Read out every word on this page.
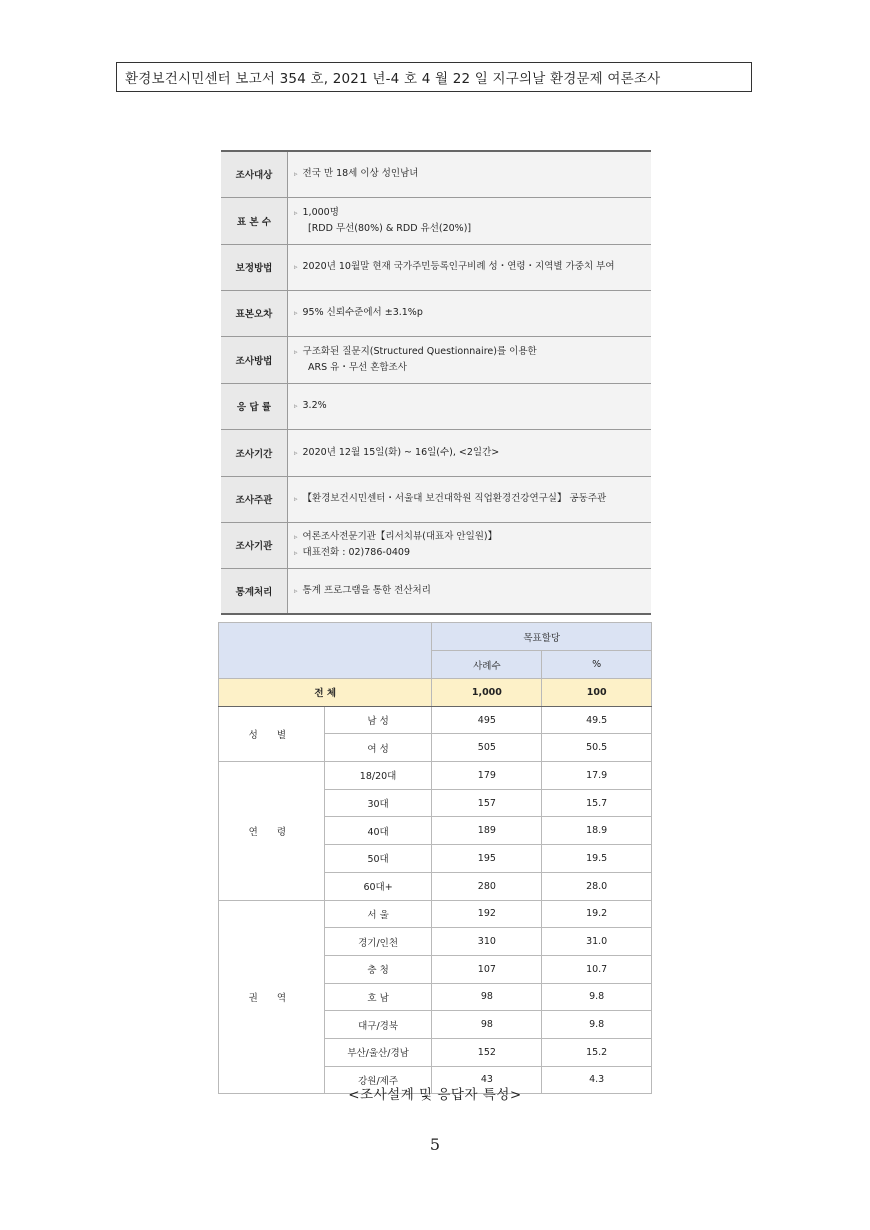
환경보건시민센터 보고서 354 호, 2021 년-4 호 4 월 22 일 지구의날 환경문제 여론조사
조사대상	▹ 전국 만 18세 이상 성인남녀

표 본 수	▹ 1,000명
[RDD 무선(80%) & RDD 유선(20%)]

보정방법	▹ 2020년 10월말 현재 국가주민등록인구비례 성・연령・지역별 가중치 부여

표본오차	▹ 95% 신뢰수준에서 ±3.1%p

조사방법	▹ 구조화된 질문지(Structured Questionnaire)를 이용한
ARS 유・무선 혼합조사

응 답 률	▹ 3.2%

조사기간	▹ 2020년 12월 15일(화) ~ 16일(수), <2일간>

조사주관	▹ 【환경보건시민센터・서울대 보건대학원 직업환경건강연구실】 공동주관

조사기관	▹ 여론조사전문기관【리서치뷰(대표자 안일원)】
▹ 대표전화 : 02)786-0409

통계처리	▹ 통계 프로그램을 통한 전산처리
		목표할당	
		사례수	%
전 체		1,000	100
성 별	남 성	495	49.5
	여 성	505	50.5
연 령	18/20대	179	17.9
	30대	157	15.7
	40대	189	18.9
	50대	195	19.5
	60대+	280	28.0
권 역	서 울	192	19.2
	경기/인천	310	31.0
	충 청	107	10.7
	호 남	98	9.8
	대구/경북	98	9.8
	부산/울산/경남	152	15.2
	강원/제주	43	4.3
<조사설계 및 응답자 특성>
5
